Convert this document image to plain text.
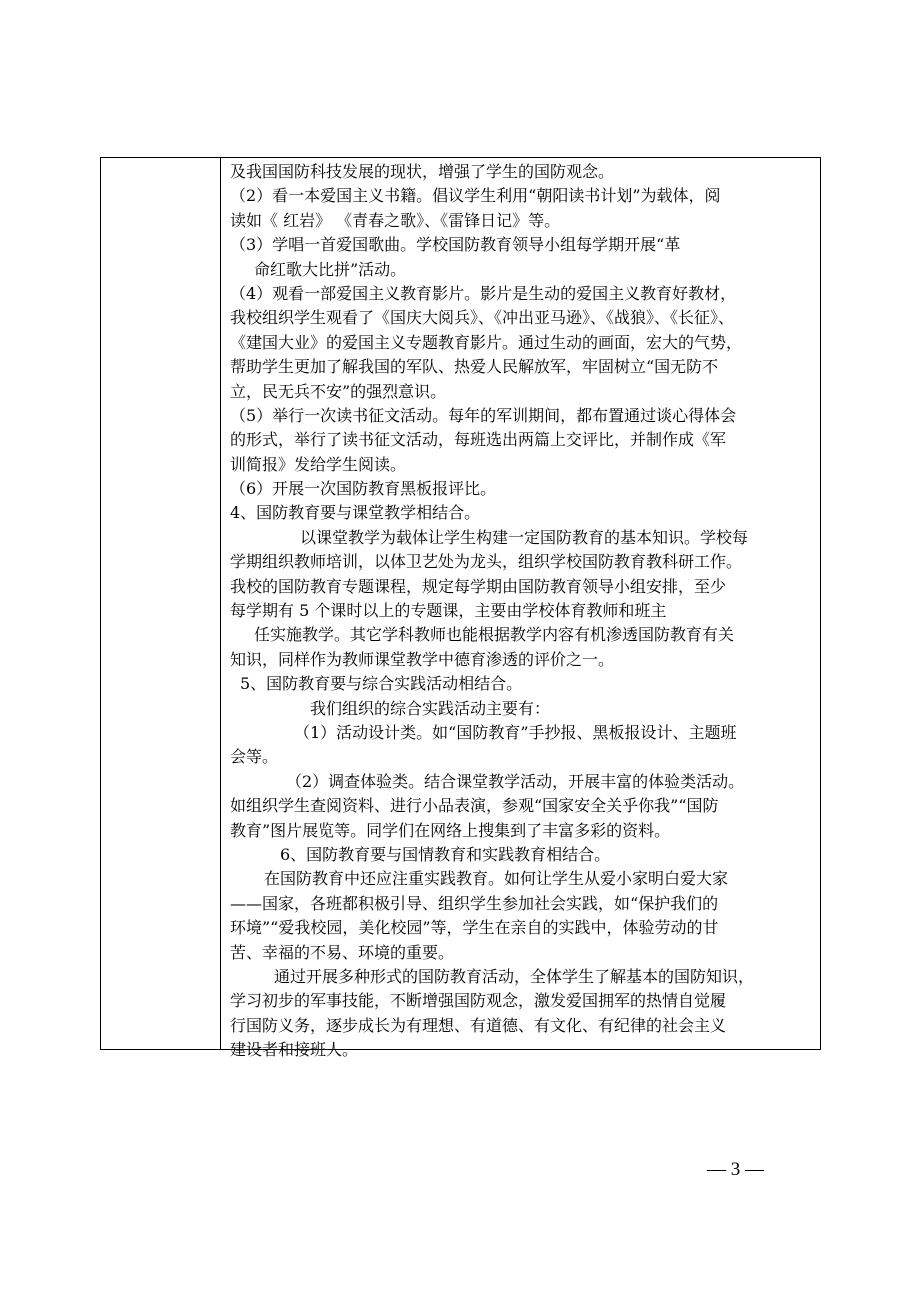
及我国国防科技发展的现状，增强了学生的国防观念。
（2）看一本爱国主义书籍。倡议学生利用“朝阳读书计划”为载体，阅
读如《 红岩》 《青春之歌》、《雷锋日记》等。
（3）学唱一首爱国歌曲。学校国防教育领导小组每学期开展“革
命红歌大比拼”活动。
（4）观看一部爱国主义教育影片。影片是生动的爱国主义教育好教材，
我校组织学生观看了《国庆大阅兵》、《冲出亚马逊》、《战狼》、《长征》、
《建国大业》的爱国主义专题教育影片。通过生动的画面，宏大的气势，
帮助学生更加了解我国的军队、热爱人民解放军，牢固树立“国无防不
立，民无兵不安”的强烈意识。
（5）举行一次读书征文活动。每年的军训期间，都布置通过谈心得体会
的形式，举行了读书征文活动，每班选出两篇上交评比，并制作成《军
训简报》发给学生阅读。
（6）开展一次国防教育黑板报评比。
4、国防教育要与课堂教学相结合。
以课堂教学为载体让学生构建一定国防教育的基本知识。学校每
学期组织教师培训，以体卫艺处为龙头，组织学校国防教育教科研工作。
我校的国防教育专题课程，规定每学期由国防教育领导小组安排，至少
每学期有 5 个课时以上的专题课，主要由学校体育教师和班主
任实施教学。其它学科教师也能根据教学内容有机渗透国防教育有关
知识，同样作为教师课堂教学中德育渗透的评价之一。
5、国防教育要与综合实践活动相结合。
我们组织的综合实践活动主要有：
（1）活动设计类。如“国防教育”手抄报、黑板报设计、主题班
会等。
（2）调查体验类。结合课堂教学活动，开展丰富的体验类活动。
如组织学生查阅资料、进行小品表演，参观“国家安全关乎你我”“国防
教育”图片展览等。同学们在网络上搜集到了丰富多彩的资料。
6、国防教育要与国情教育和实践教育相结合。
在国防教育中还应注重实践教育。如何让学生从爱小家明白爱大家
——国家，各班都积极引导、组织学生参加社会实践，如“保护我们的
环境”“爱我校园，美化校园”等，学生在亲自的实践中，体验劳动的甘
苦、幸福的不易、环境的重要。
通过开展多种形式的国防教育活动，全体学生了解基本的国防知识，
学习初步的军事技能，不断增强国防观念，激发爱国拥军的热情自觉履
行国防义务，逐步成长为有理想、有道德、有文化、有纪律的社会主义
建设者和接班人。
— 3 —
